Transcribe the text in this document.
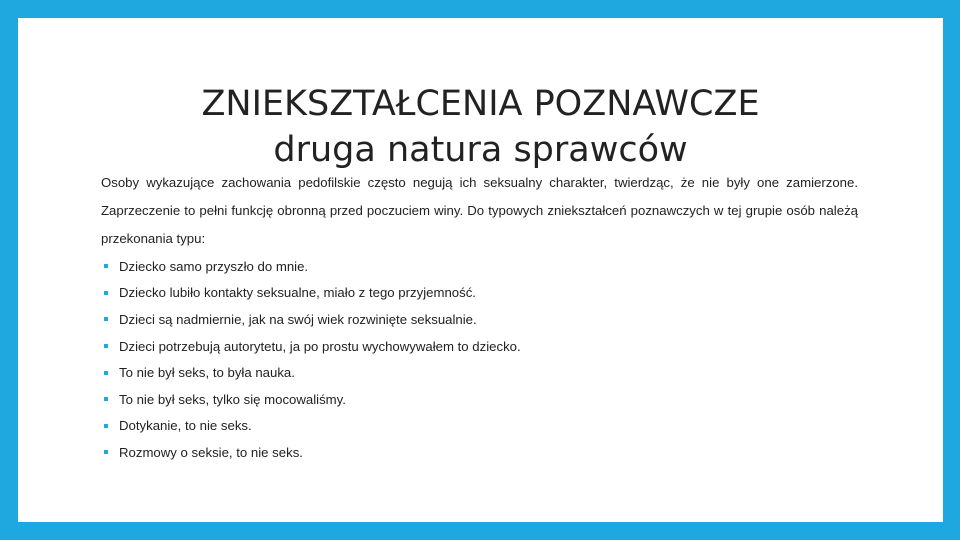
ZNIEKSZTAŁCENIA POZNAWCZE
druga natura sprawców

Osoby wykazujące zachowania pedofilskie często negują ich seksualny charakter, twierdząc, że nie były one zamierzone. Zaprzeczenie to pełni funkcję obronną przed poczuciem winy. Do typowych zniekształceń poznawczych w tej grupie osób należą przekonania typu:

Dziecko samo przyszło do mnie.
Dziecko lubiło kontakty seksualne, miało z tego przyjemność.
Dzieci są nadmiernie, jak na swój wiek rozwinięte seksualnie.
Dzieci potrzebują autorytetu, ja po prostu wychowywałem to dziecko.
To nie był seks, to była nauka.
To nie był seks, tylko się mocowaliśmy.
Dotykanie, to nie seks.
Rozmowy o seksie, to nie seks.
